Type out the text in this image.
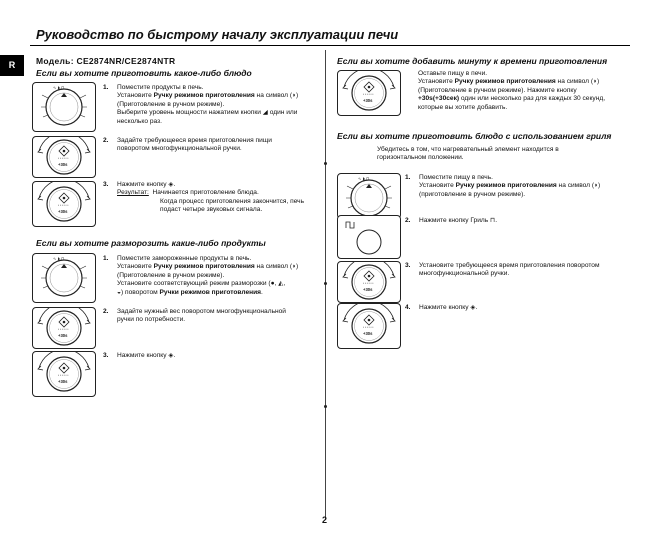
Руководство по быстрому началу эксплуатации печи
R	Модель: CE2874NR/CE2874NTR
Если вы хотите приготовить какое-либо блюдо
1. Поместите продукты в печь.
Установите Ручку режимов приготовления на символ (◗)
(Приготовление в ручном режиме).
Выберите уровень мощности нажатием кнопки ◢ один или
несколько раз.
2. Задайте требующееся время приготовления пищи
поворотом многофункциональной ручки.
3. Нажмите кнопку ◈.
Результат: Начинается приготовление блюда.
Когда процесс приготовления закончится, печь
подаст четыре звуковых сигнала.
Если вы хотите разморозить какие-либо продукты
1. Поместите замороженные продукты в печь.
Установите Ручку режимов приготовления на символ (◗)
(Приготовление в ручном режиме).
Установите соответствующий режим разморозки (●, ◭,
◒) поворотом Ручки режимов приготовления.
2. Задайте нужный вес поворотом многофункциональной
ручки по потребности.
3. Нажмите кнопку ◈.
Если вы хотите добавить минуту к времени приготовления
Оставьте пищу в печи.
Установите Ручку режимов приготовления на символ (◗)
(Приготовление в ручном режиме). Нажмите кнопку
+30s(+30сек) один или несколько раз для каждых 30 секунд,
которые вы хотите добавить.
Если вы хотите приготовить блюдо с использованием гриля
Убедитесь в том, что нагревательный элемент находится в
горизонтальном положении.
1. Поместите пищу в печь.
Установите Ручку режимов приготовления на символ (◗)
(приготовление в ручном режиме).
2. Нажмите кнопку Гриль ⊓.
3. Установите требующееся время приготовления поворотом
многофункциональной ручки.
4. Нажмите кнопку ◈.
2
